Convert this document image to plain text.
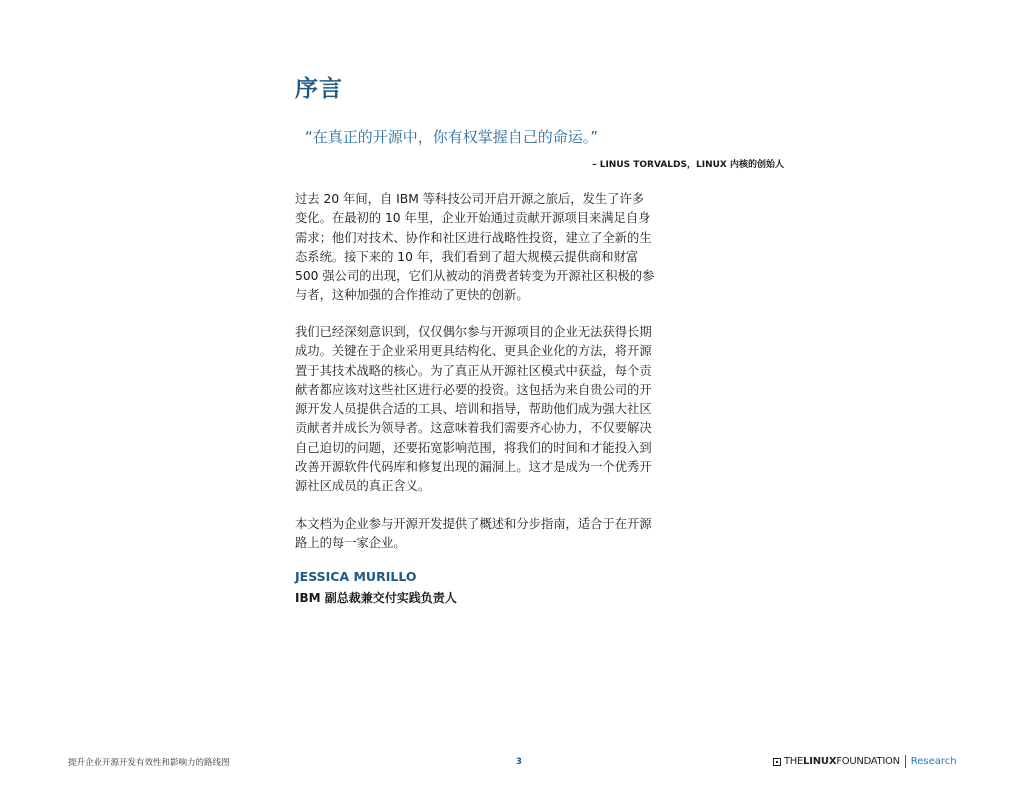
序言
“在真正的开源中，你有权掌握自己的命运。”
– LINUS TORVALDS，LINUX 内核的创始人
过去 20 年间，自 IBM 等科技公司开启开源之旅后，发生了许多
变化。在最初的 10 年里，企业开始通过贡献开源项目来满足自身
需求；他们对技术、协作和社区进行战略性投资，建立了全新的生
态系统。接下来的 10 年，我们看到了超大规模云提供商和财富
500 强公司的出现，它们从被动的消费者转变为开源社区积极的参
与者，这种加强的合作推动了更快的创新。
我们已经深刻意识到，仅仅偶尔参与开源项目的企业无法获得长期
成功。关键在于企业采用更具结构化、更具企业化的方法，将开源
置于其技术战略的核心。为了真正从开源社区模式中获益，每个贡
献者都应该对这些社区进行必要的投资。这包括为来自贵公司的开
源开发人员提供合适的工具、培训和指导，帮助他们成为强大社区
贡献者并成长为领导者。这意味着我们需要齐心协力，不仅要解决
自己迫切的问题，还要拓宽影响范围，将我们的时间和才能投入到
改善开源软件代码库和修复出现的漏洞上。这才是成为一个优秀开
源社区成员的真正含义。
本文档为企业参与开源开发提供了概述和分步指南，适合于在开源
路上的每一家企业。
JESSICA MURILLO
IBM 副总裁兼交付实践负责人
提升企业开源开发有效性和影响力的路线图	3	THE LINUX FOUNDATION Research
